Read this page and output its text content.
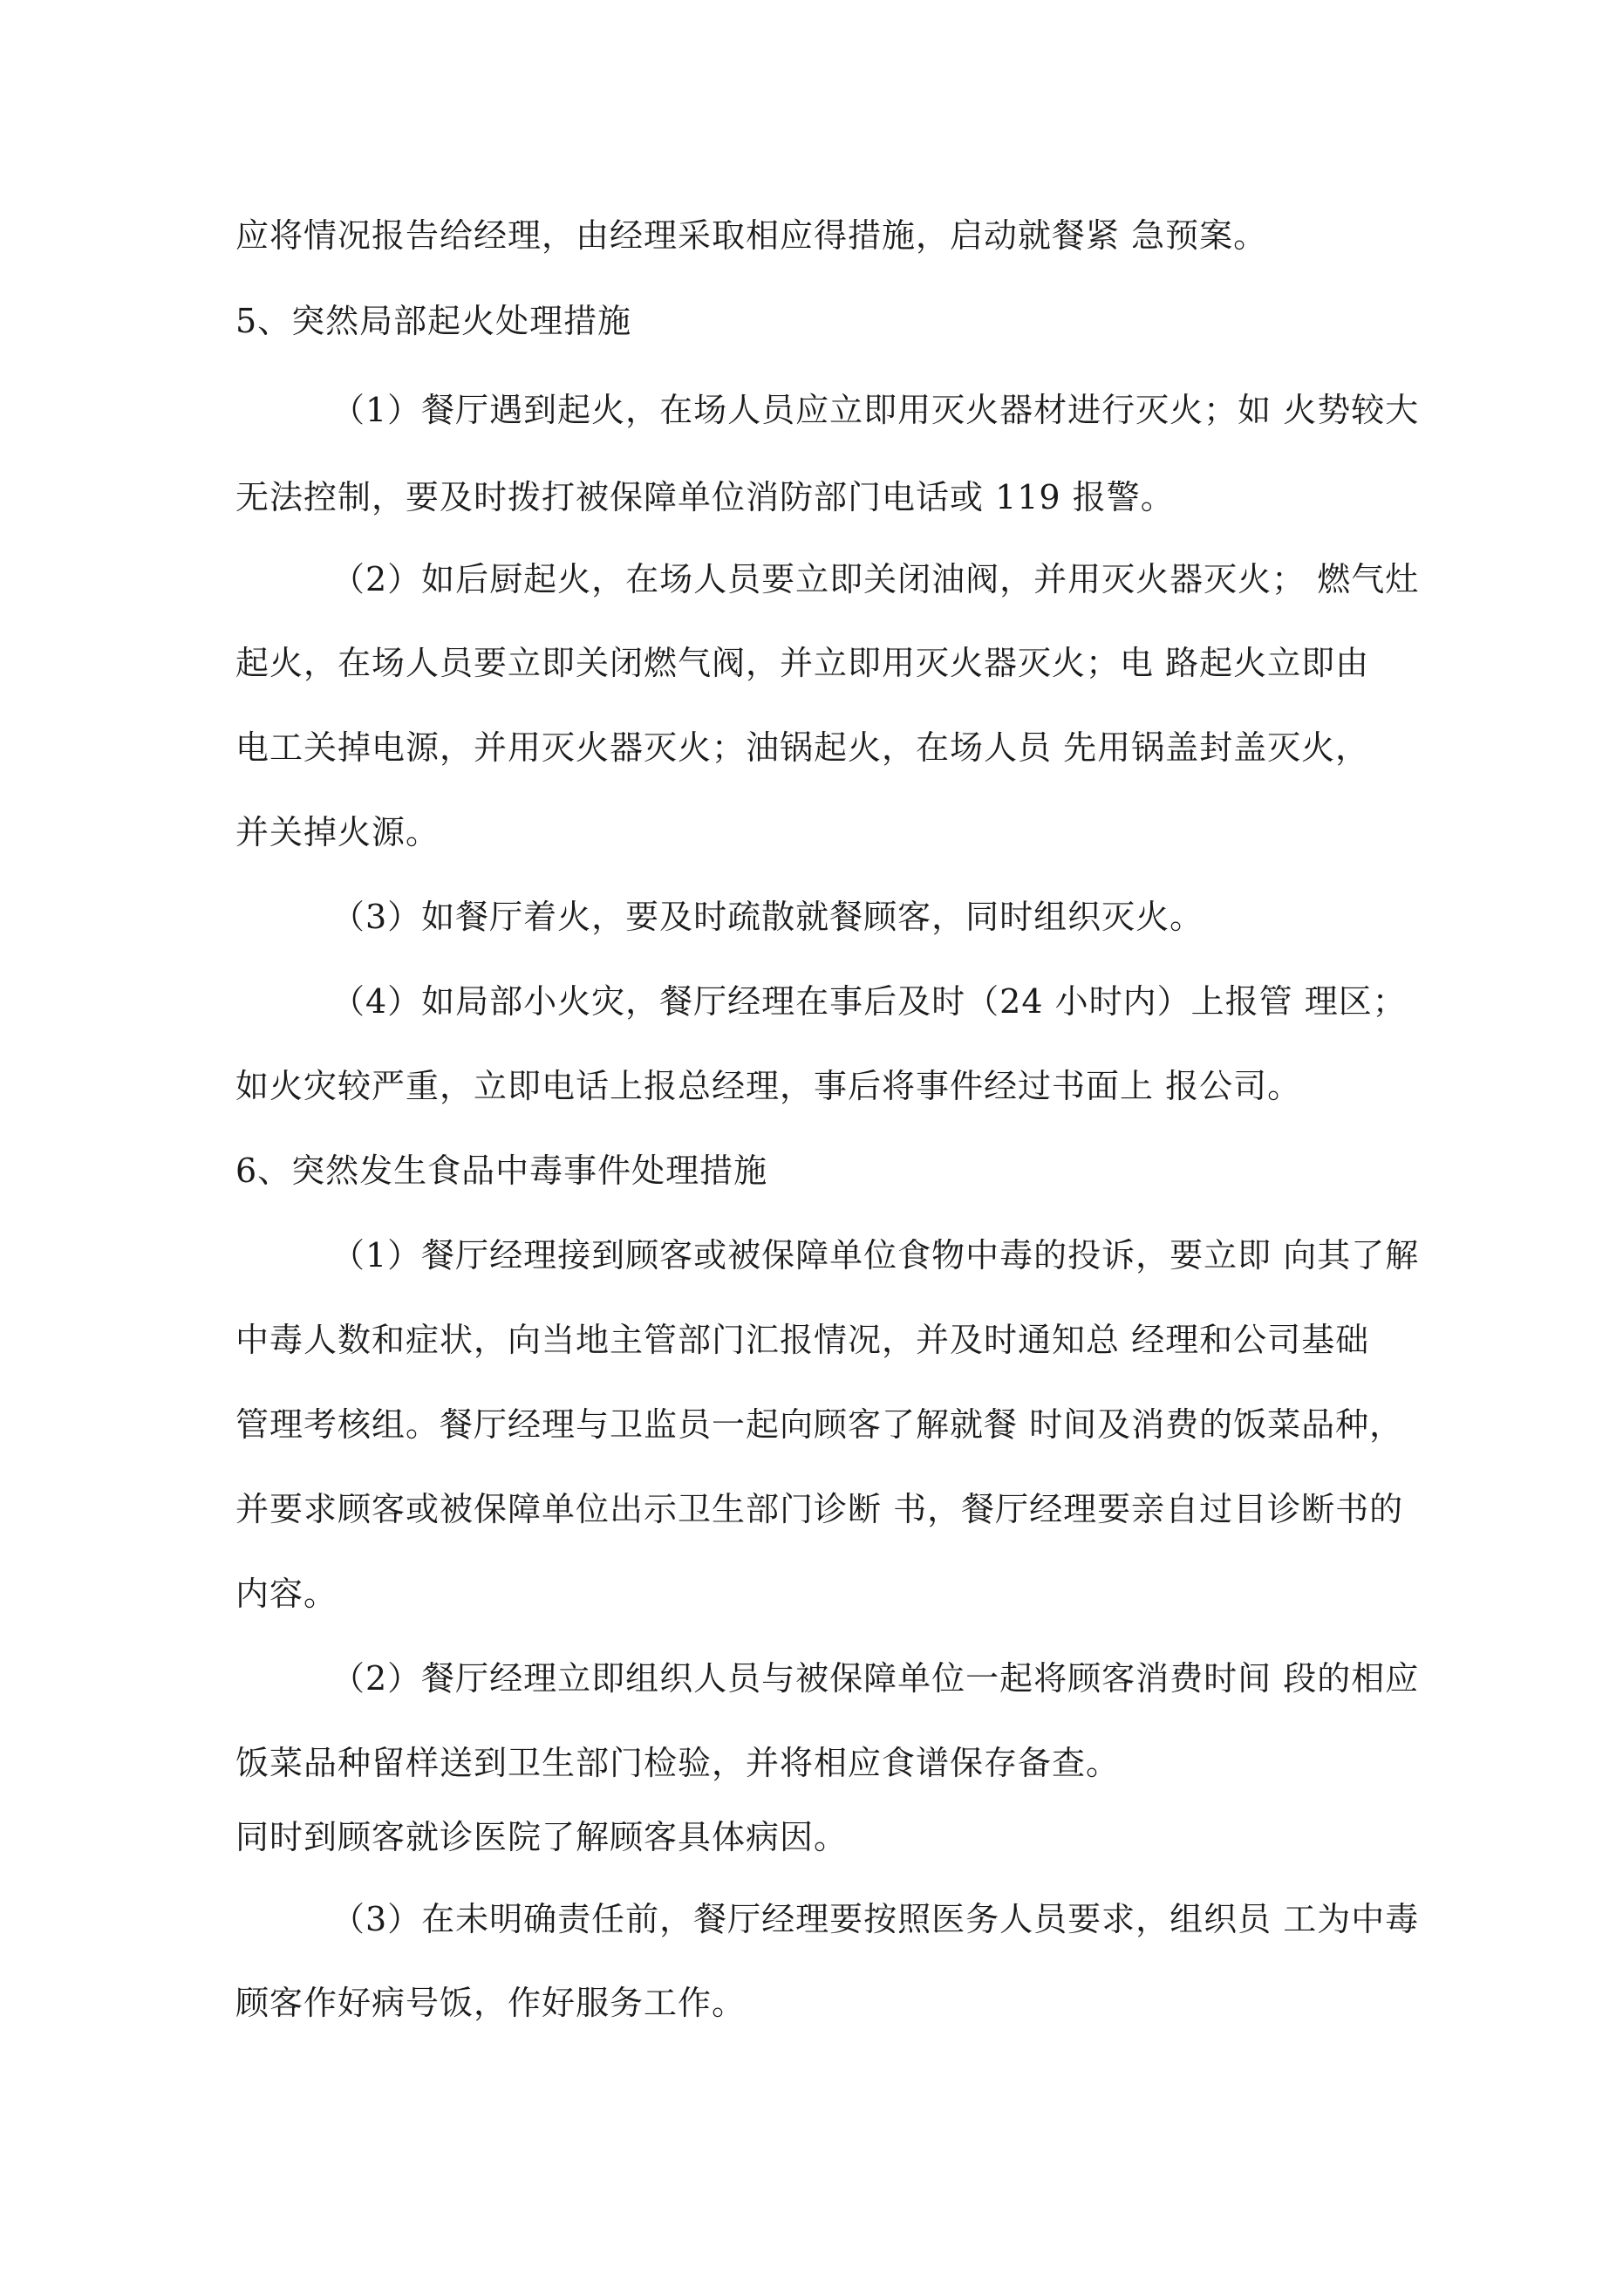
应将情况报告给经理，由经理采取相应得措施，启动就餐紧 急预案。
5、突然局部起火处理措施
（1）餐厅遇到起火，在场人员应立即用灭火器材进行灭火；如 火势较大
无法控制，要及时拨打被保障单位消防部门电话或 119 报警。
（2）如后厨起火，在场人员要立即关闭油阀，并用灭火器灭火； 燃气灶
起火，在场人员要立即关闭燃气阀，并立即用灭火器灭火；电 路起火立即由
电工关掉电源，并用灭火器灭火；油锅起火，在场人员 先用锅盖封盖灭火，
并关掉火源。
（3）如餐厅着火，要及时疏散就餐顾客，同时组织灭火。
（4）如局部小火灾，餐厅经理在事后及时（24 小时内）上报管 理区；
如火灾较严重，立即电话上报总经理，事后将事件经过书面上 报公司。
6、突然发生食品中毒事件处理措施
（1）餐厅经理接到顾客或被保障单位食物中毒的投诉，要立即 向其了解
中毒人数和症状，向当地主管部门汇报情况，并及时通知总 经理和公司基础
管理考核组。餐厅经理与卫监员一起向顾客了解就餐 时间及消费的饭菜品种，
并要求顾客或被保障单位出示卫生部门诊断 书，餐厅经理要亲自过目诊断书的
内容。
（2）餐厅经理立即组织人员与被保障单位一起将顾客消费时间 段的相应
饭菜品种留样送到卫生部门检验，并将相应食谱保存备查。
同时到顾客就诊医院了解顾客具体病因。
（3）在未明确责任前，餐厅经理要按照医务人员要求，组织员 工为中毒
顾客作好病号饭，作好服务工作。
